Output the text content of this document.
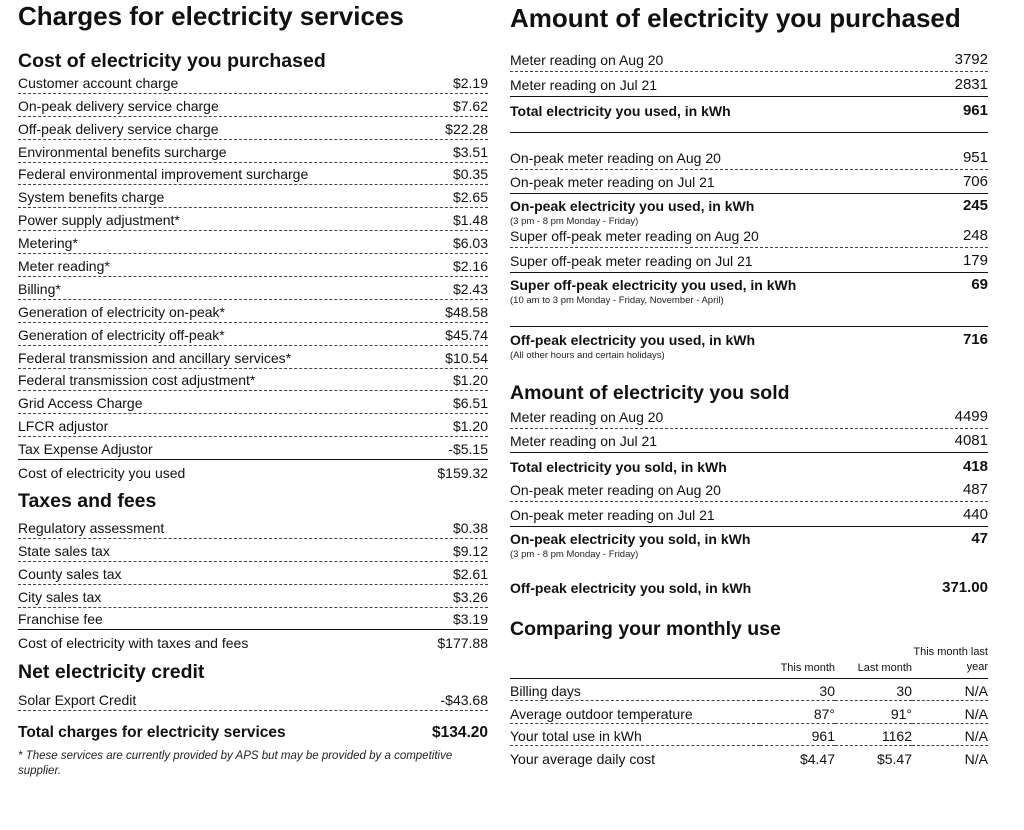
Charges for electricity services
Cost of electricity you purchased
Customer account charge	$2.19
On-peak delivery service charge	$7.62
Off-peak delivery service charge	$22.28
Environmental benefits surcharge	$3.51
Federal environmental improvement surcharge	$0.35
System benefits charge	$2.65
Power supply adjustment*	$1.48
Metering*	$6.03
Meter reading*	$2.16
Billing*	$2.43
Generation of electricity on-peak*	$48.58
Generation of electricity off-peak*	$45.74
Federal transmission and ancillary services*	$10.54
Federal transmission cost adjustment*	$1.20
Grid Access Charge	$6.51
LFCR adjustor	$1.20
Tax Expense Adjustor	-$5.15
Cost of electricity you used	$159.32
Taxes and fees
Regulatory assessment	$0.38
State sales tax	$9.12
County sales tax	$2.61
City sales tax	$3.26
Franchise fee	$3.19
Cost of electricity with taxes and fees	$177.88
Net electricity credit
Solar Export Credit	-$43.68
Total charges for electricity services	$134.20
* These services are currently provided by APS but may be provided by a competitive supplier.
Amount of electricity you purchased
Meter reading on Aug 20	3792
Meter reading on Jul 21	2831
Total electricity you used, in kWh	961
On-peak meter reading on Aug 20	951
On-peak meter reading on Jul 21	706
On-peak electricity you used, in kWh	245
(3 pm - 8 pm Monday - Friday)
Super off-peak meter reading on Aug 20	248
Super off-peak meter reading on Jul 21	179
Super off-peak electricity you used, in kWh	69
(10 am to 3 pm Monday - Friday, November - April)
Off-peak electricity you used, in kWh	716
(All other hours and certain holidays)
Amount of electricity you sold
Meter reading on Aug 20	4499
Meter reading on Jul 21	4081
Total electricity you sold, in kWh	418
On-peak meter reading on Aug 20	487
On-peak meter reading on Jul 21	440
On-peak electricity you sold, in kWh	47
(3 pm - 8 pm Monday - Friday)
Off-peak electricity you sold, in kWh	371.00
Comparing your monthly use
	This month	Last month	This month last year
Billing days	30	30	N/A
Average outdoor temperature	87°	91°	N/A
Your total use in kWh	961	1162	N/A
Your average daily cost	$4.47	$5.47	N/A
